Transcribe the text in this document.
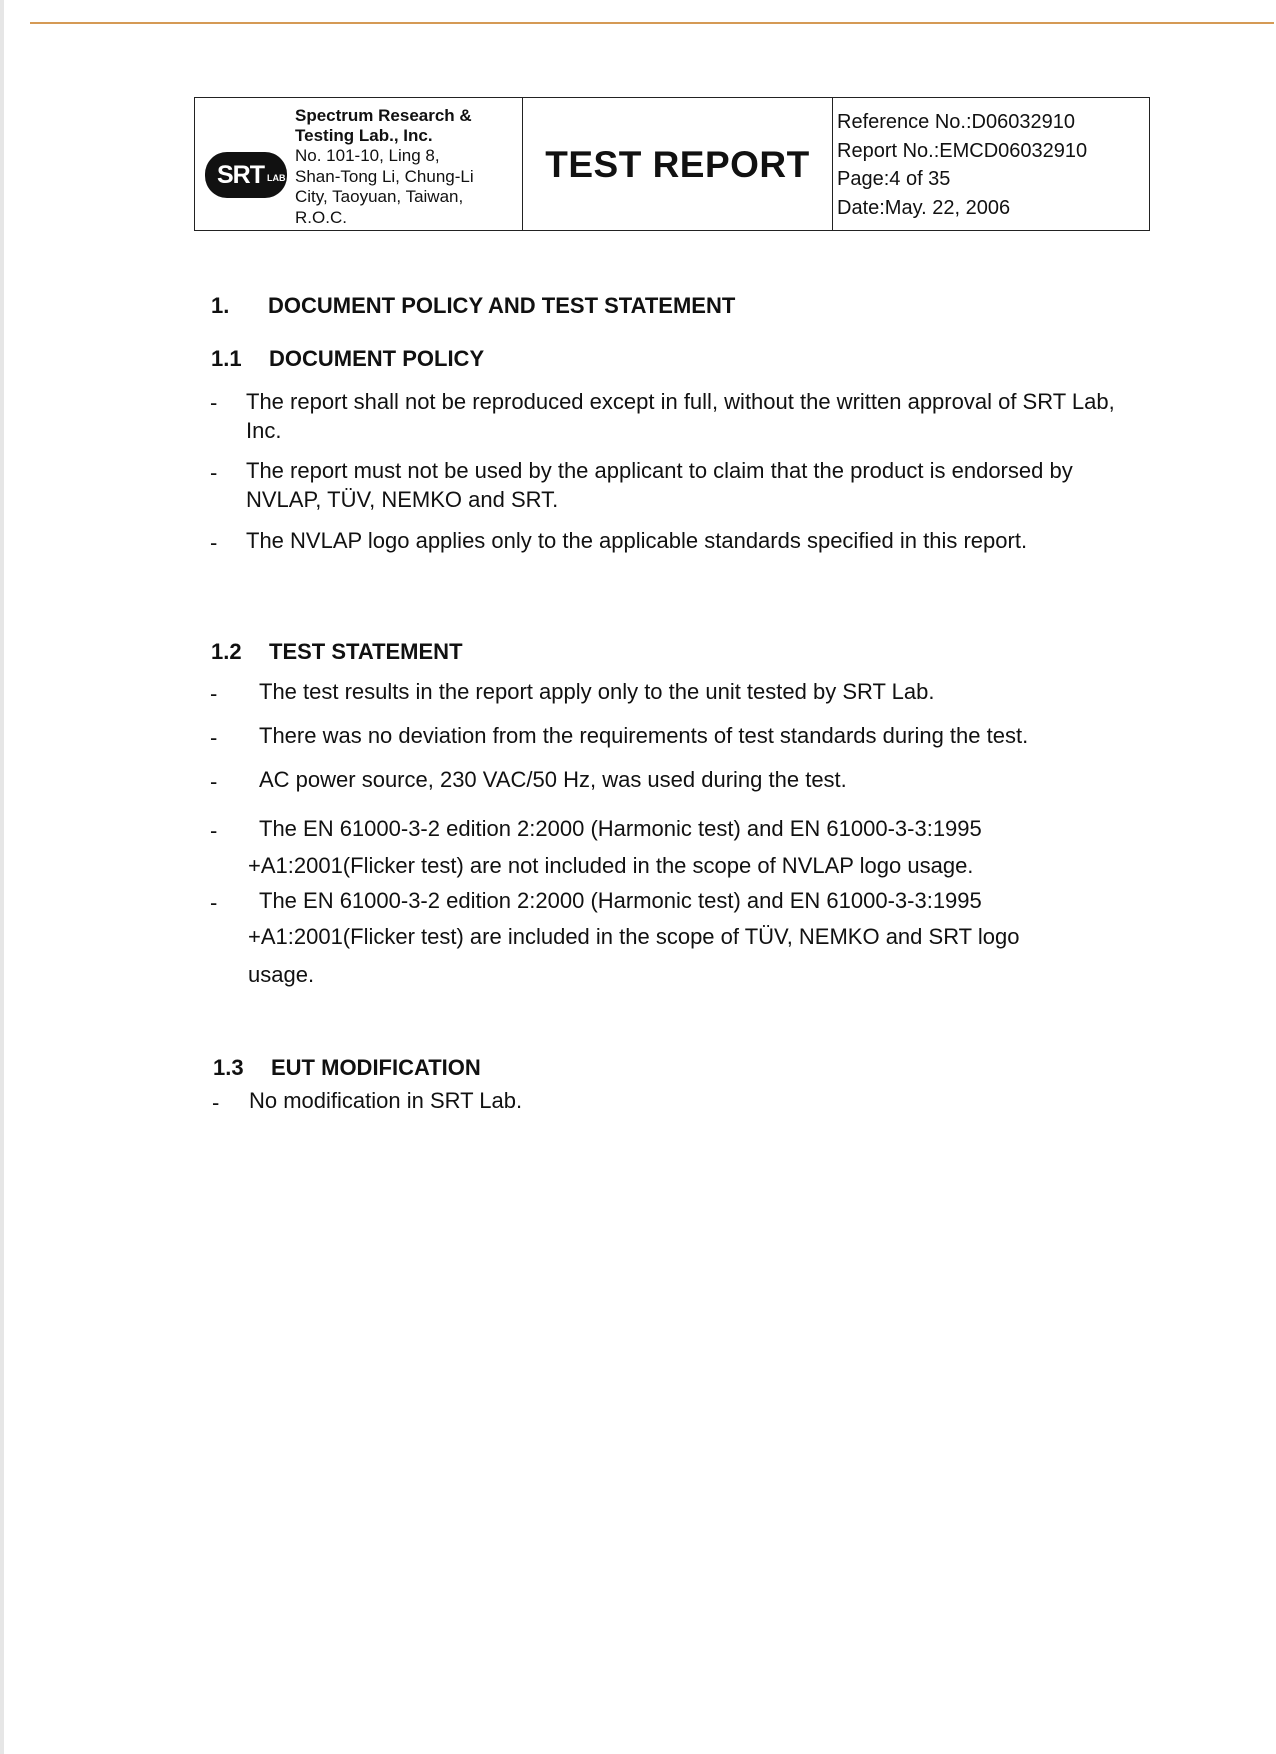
SRT LAB
Spectrum Research &
Testing Lab., Inc.
No. 101-10, Ling 8,
Shan-Tong Li, Chung-Li
City, Taoyuan, Taiwan,
R.O.C.
TEST REPORT
Reference No.:D06032910
Report No.:EMCD06032910
Page:4 of 35
Date:May. 22, 2006
1. DOCUMENT POLICY AND TEST STATEMENT
1.1 DOCUMENT POLICY
- The report shall not be reproduced except in full, without the written approval of SRT Lab, Inc.
- The report must not be used by the applicant to claim that the product is endorsed by NVLAP, TÜV, NEMKO and SRT.
- The NVLAP logo applies only to the applicable standards specified in this report.
1.2 TEST STATEMENT
- The test results in the report apply only to the unit tested by SRT Lab.
- There was no deviation from the requirements of test standards during the test.
- AC power source, 230 VAC/50 Hz, was used during the test.
- The EN 61000-3-2 edition 2:2000 (Harmonic test) and EN 61000-3-3:1995
+A1:2001(Flicker test) are not included in the scope of NVLAP logo usage.
- The EN 61000-3-2 edition 2:2000 (Harmonic test) and EN 61000-3-3:1995
+A1:2001(Flicker test) are included in the scope of TÜV, NEMKO and SRT logo
usage.
1.3 EUT MODIFICATION
- No modification in SRT Lab.
